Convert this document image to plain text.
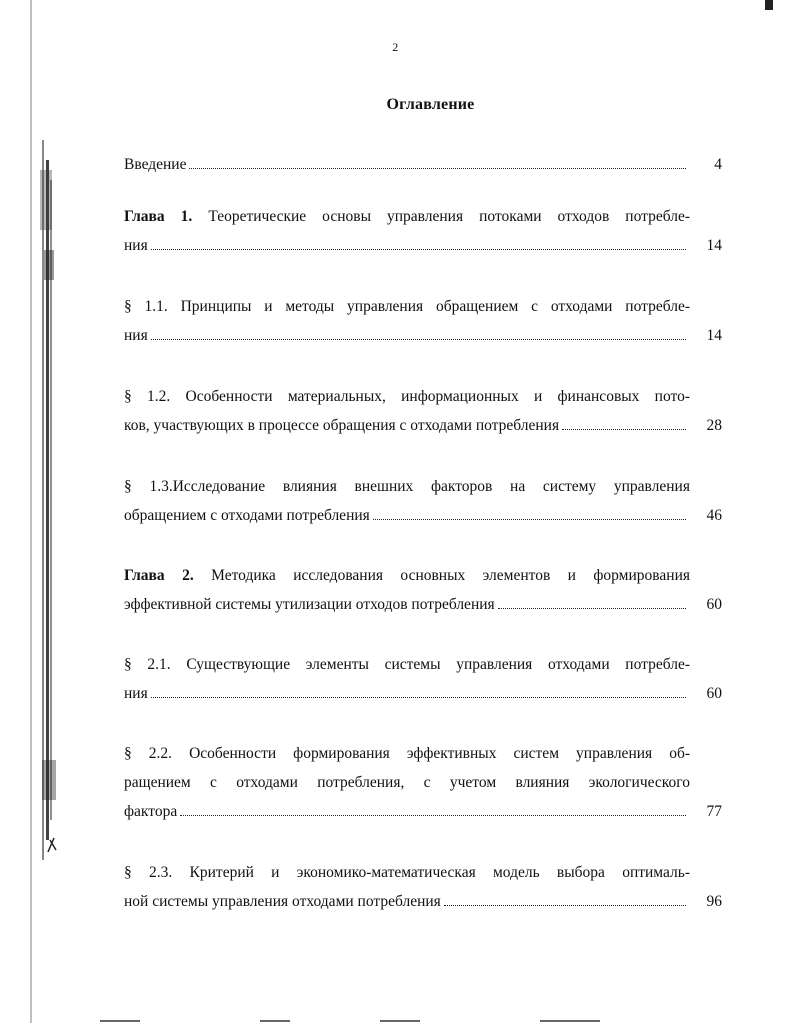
2
Оглавление
Введение	4
Глава 1. Теоретические основы управления потоками отходов потребле-
ния	14
§ 1.1. Принципы и методы управления обращением с отходами потребле-
ния	14
§ 1.2. Особенности материальных, информационных и финансовых пото-
ков, участвующих в процессе обращения с отходами потребления	28
§ 1.3.Исследование влияния внешних факторов на систему управления
обращением с отходами потребления	46
Глава 2. Методика исследования основных элементов и формирования
эффективной системы утилизации отходов потребления	60
§ 2.1. Существующие элементы системы управления отходами потребле-
ния	60
§ 2.2. Особенности формирования эффективных систем управления об-
ращением с отходами потребления, с учетом влияния экологического
фактора	77
§ 2.3. Критерий и экономико-математическая модель выбора оптималь-
ной системы управления отходами потребления	96
